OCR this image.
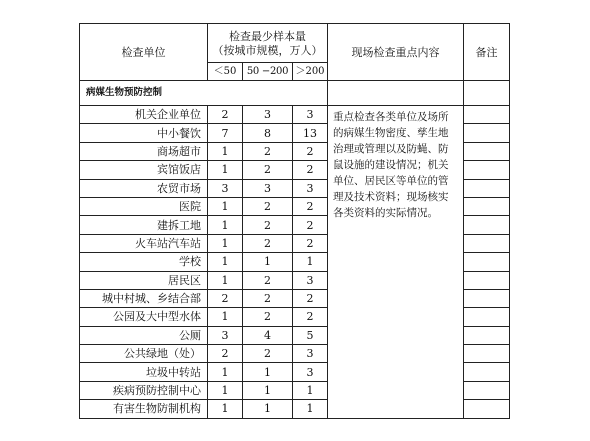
检查单位	检查最少样本量
（按城市规模，万人）			现场检查重点内容	备注
	＜50	50 −200	＞200		
病媒生物预防控制					
机关企业单位	2	3	3	重点检查各类单位及场所的病媒生物密度、孳生地治理或管理以及防蝇、防鼠设施的建设情况；机关单位、居民区等单位的管理及技术资料；现场核实各类资料的实际情况。	
中小餐饮	7	8	13		
商场超市	1	2	2		
宾馆饭店	1	2	2		
农贸市场	3	3	3		
医院	1	2	2		
建拆工地	1	2	2		
火车站汽车站	1	2	2		
学校	1	1	1		
居民区	1	2	3		
城中村城、乡结合部	2	2	2		
公园及大中型水体	1	2	2		
公厕	3	4	5		
公共绿地（处）	2	2	3		
垃圾中转站	1	1	3		
疾病预防控制中心	1	1	1		
有害生物防制机构	1	1	1		
